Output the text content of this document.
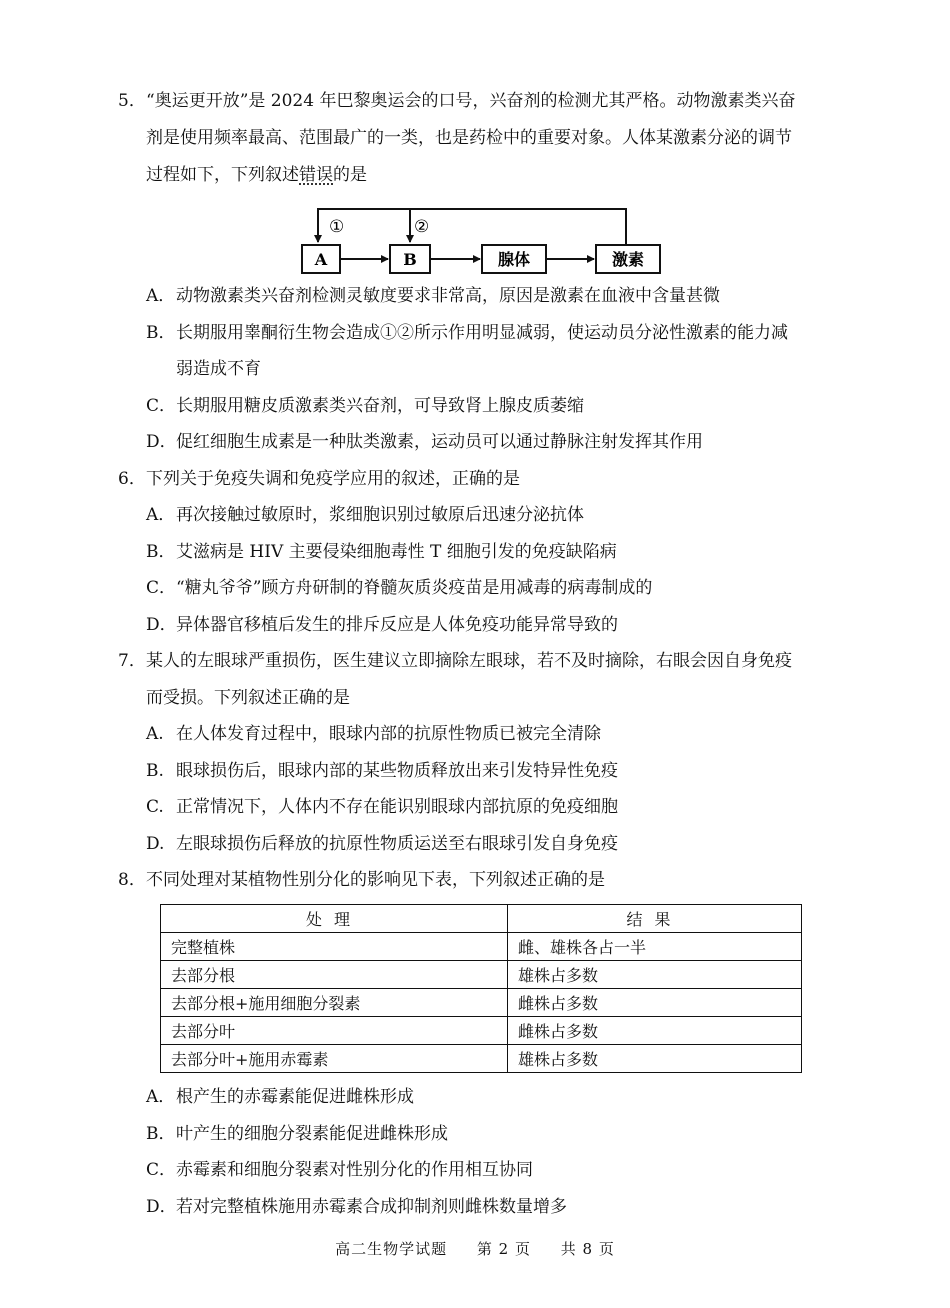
5． “奥运更开放”是 2024 年巴黎奥运会的口号，兴奋剂的检测尤其严格。动物激素类兴奋
剂是使用频率最高、范围最广的一类，也是药检中的重要对象。人体某激素分泌的调节
过程如下，下列叙述错误的是
①	②
A	B	腺体	激素
A． 动物激素类兴奋剂检测灵敏度要求非常高，原因是激素在血液中含量甚微
B． 长期服用睾酮衍生物会造成①②所示作用明显减弱，使运动员分泌性激素的能力减
弱造成不育
C． 长期服用糖皮质激素类兴奋剂，可导致肾上腺皮质萎缩
D． 促红细胞生成素是一种肽类激素，运动员可以通过静脉注射发挥其作用
6． 下列关于免疫失调和免疫学应用的叙述，正确的是
A． 再次接触过敏原时，浆细胞识别过敏原后迅速分泌抗体
B． 艾滋病是 HIV 主要侵染细胞毒性 T 细胞引发的免疫缺陷病
C． “糖丸爷爷”顾方舟研制的脊髓灰质炎疫苗是用减毒的病毒制成的
D． 异体器官移植后发生的排斥反应是人体免疫功能异常导致的
7． 某人的左眼球严重损伤，医生建议立即摘除左眼球，若不及时摘除，右眼会因自身免疫
而受损。下列叙述正确的是
A. 在人体发育过程中，眼球内部的抗原性物质已被完全清除
B. 眼球损伤后，眼球内部的某些物质释放出来引发特异性免疫
C. 正常情况下，人体内不存在能识别眼球内部抗原的免疫细胞
D. 左眼球损伤后释放的抗原性物质运送至右眼球引发自身免疫
8． 不同处理对某植物性别分化的影响见下表，下列叙述正确的是
处理	结果
完整植株	雌、雄株各占一半
去部分根	雄株占多数
去部分根+施用细胞分裂素	雌株占多数
去部分叶	雌株占多数
去部分叶+施用赤霉素	雄株占多数
A． 根产生的赤霉素能促进雌株形成
B． 叶产生的细胞分裂素能促进雌株形成
C． 赤霉素和细胞分裂素对性别分化的作用相互协同
D． 若对完整植株施用赤霉素合成抑制剂则雌株数量增多
高二生物学试题 第 2 页 共 8 页
